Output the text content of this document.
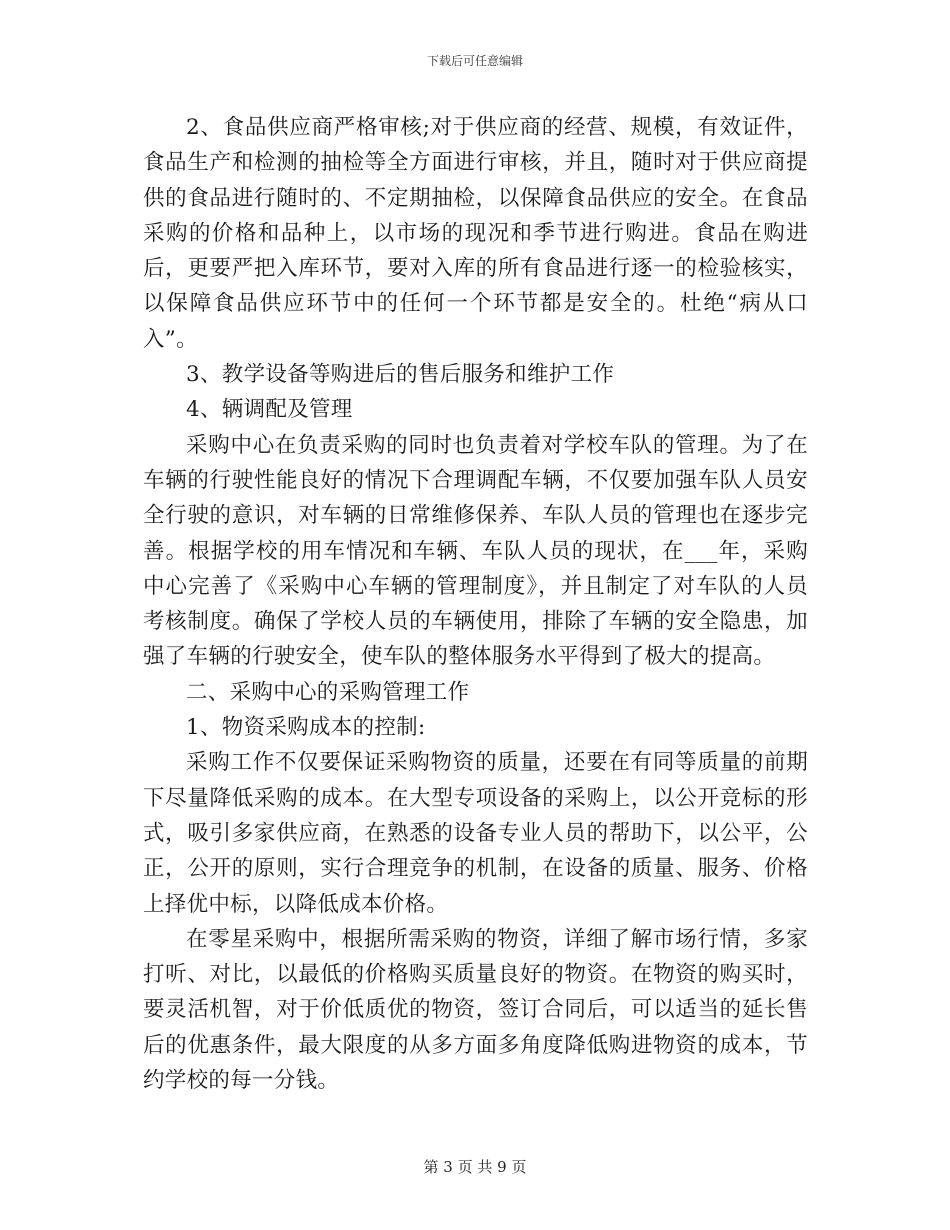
下载后可任意编辑

2、食品供应商严格审核;对于供应商的经营、规模，有效证件，食品生产和检测的抽检等全方面进行审核，并且，随时对于供应商提供的食品进行随时的、不定期抽检，以保障食品供应的安全。在食品采购的价格和品种上，以市场的现况和季节进行购进。食品在购进后，更要严把入库环节，要对入库的所有食品进行逐一的检验核实，以保障食品供应环节中的任何一个环节都是安全的。杜绝“病从口入”。

3、教学设备等购进后的售后服务和维护工作

4、辆调配及管理

采购中心在负责采购的同时也负责着对学校车队的管理。为了在车辆的行驶性能良好的情况下合理调配车辆，不仅要加强车队人员安全行驶的意识，对车辆的日常维修保养、车队人员的管理也在逐步完善。根据学校的用车情况和车辆、车队人员的现状，在___年，采购中心完善了《采购中心车辆的管理制度》，并且制定了对车队的人员考核制度。确保了学校人员的车辆使用，排除了车辆的安全隐患，加强了车辆的行驶安全，使车队的整体服务水平得到了极大的提高。

二、采购中心的采购管理工作

1、物资采购成本的控制:

采购工作不仅要保证采购物资的质量，还要在有同等质量的前期下尽量降低采购的成本。在大型专项设备的采购上，以公开竞标的形式，吸引多家供应商，在熟悉的设备专业人员的帮助下，以公平，公正，公开的原则，实行合理竞争的机制，在设备的质量、服务、价格上择优中标，以降低成本价格。

在零星采购中，根据所需采购的物资，详细了解市场行情，多家打听、对比，以最低的价格购买质量良好的物资。在物资的购买时，要灵活机智，对于价低质优的物资，签订合同后，可以适当的延长售后的优惠条件，最大限度的从多方面多角度降低购进物资的成本，节约学校的每一分钱。

第 3 页 共 9 页
